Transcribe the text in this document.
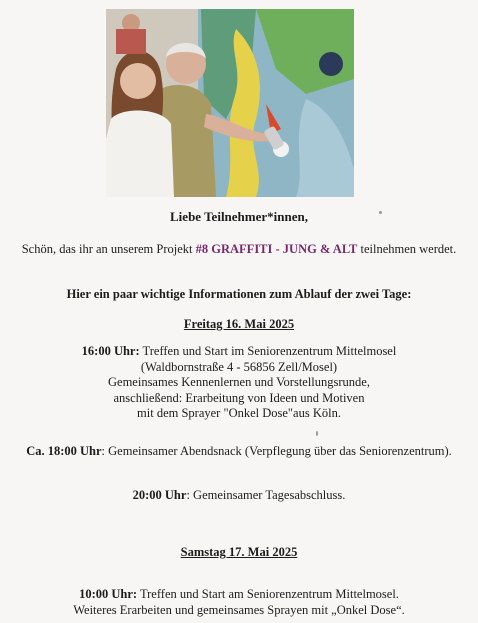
Liebe Teilnehmer*innen,
Schön, das ihr an unserem Projekt #8 GRAFFITI - JUNG & ALT teilnehmen werdet.
Hier ein paar wichtige Informationen zum Ablauf der zwei Tage:
Freitag 16. Mai 2025
16:00 Uhr: Treffen und Start im Seniorenzentrum Mittelmosel
(Waldbornstraße 4 - 56856 Zell/Mosel)
Gemeinsames Kennenlernen und Vorstellungsrunde,
anschließend: Erarbeitung von Ideen und Motiven
mit dem Sprayer "Onkel Dose"aus Köln.
Ca. 18:00 Uhr: Gemeinsamer Abendsnack (Verpflegung über das Seniorenzentrum).
20:00 Uhr: Gemeinsamer Tagesabschluss.
Samstag 17. Mai 2025
10:00 Uhr: Treffen und Start am Seniorenzentrum Mittelmosel.
Weiteres Erarbeiten und gemeinsames Sprayen mit „Onkel Dose“.
